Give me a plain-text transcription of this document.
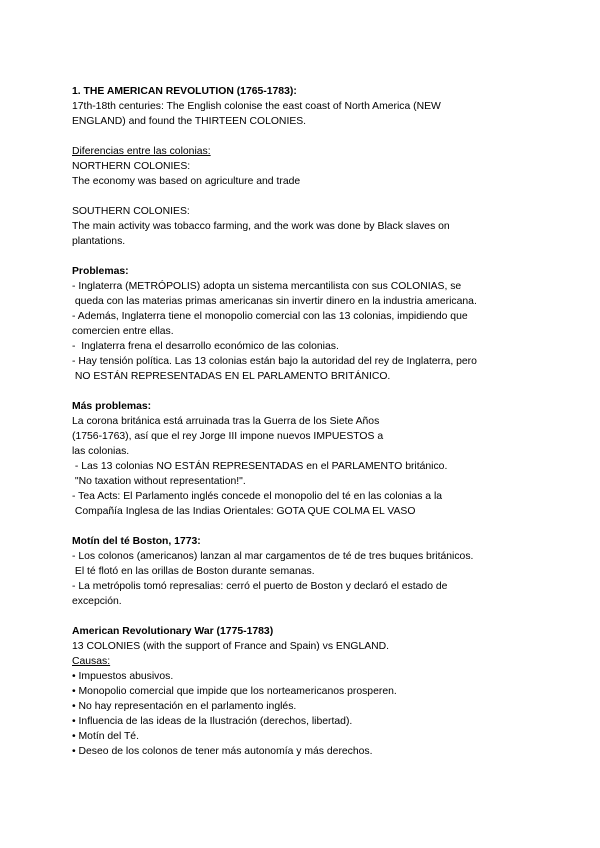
1. THE AMERICAN REVOLUTION (1765-1783):

17th-18th centuries: The English colonise the east coast of North America (NEW

ENGLAND) and found the THIRTEEN COLONIES.

Diferencias entre las colonias:

NORTHERN COLONIES:

The economy was based on agriculture and trade

SOUTHERN COLONIES:

The main activity was tobacco farming, and the work was done by Black slaves on

plantations.

Problemas:

- Inglaterra (METRÓPOLIS) adopta un sistema mercantilista con sus COLONIAS, se

queda con las materias primas americanas sin invertir dinero en la industria americana.

- Además, Inglaterra tiene el monopolio comercial con las 13 colonias, impidiendo que

comercien entre ellas.

-  Inglaterra frena el desarrollo económico de las colonias.

- Hay tensión política. Las 13 colonias están bajo la autoridad del rey de Inglaterra, pero

NO ESTÁN REPRESENTADAS EN EL PARLAMENTO BRITÁNICO.

Más problemas:

La corona británica está arruinada tras la Guerra de los Siete Años

(1756-1763), así que el rey Jorge III impone nuevos IMPUESTOS a

las colonias.

- Las 13 colonias NO ESTÁN REPRESENTADAS en el PARLAMENTO británico.

"No taxation without representation!".

- Tea Acts: El Parlamento inglés concede el monopolio del té en las colonias a la

Compañía Inglesa de las Indias Orientales: GOTA QUE COLMA EL VASO

Motín del té Boston, 1773:

- Los colonos (americanos) lanzan al mar cargamentos de té de tres buques británicos.

El té flotó en las orillas de Boston durante semanas.

- La metrópolis tomó represalias: cerró el puerto de Boston y declaró el estado de

excepción.

American Revolutionary War (1775-1783)

13 COLONIES (with the support of France and Spain) vs ENGLAND.

Causas:

• Impuestos abusivos.

• Monopolio comercial que impide que los norteamericanos prosperen.

• No hay representación en el parlamento inglés.

• Influencia de las ideas de la Ilustración (derechos, libertad).

• Motín del Té.

• Deseo de los colonos de tener más autonomía y más derechos.
